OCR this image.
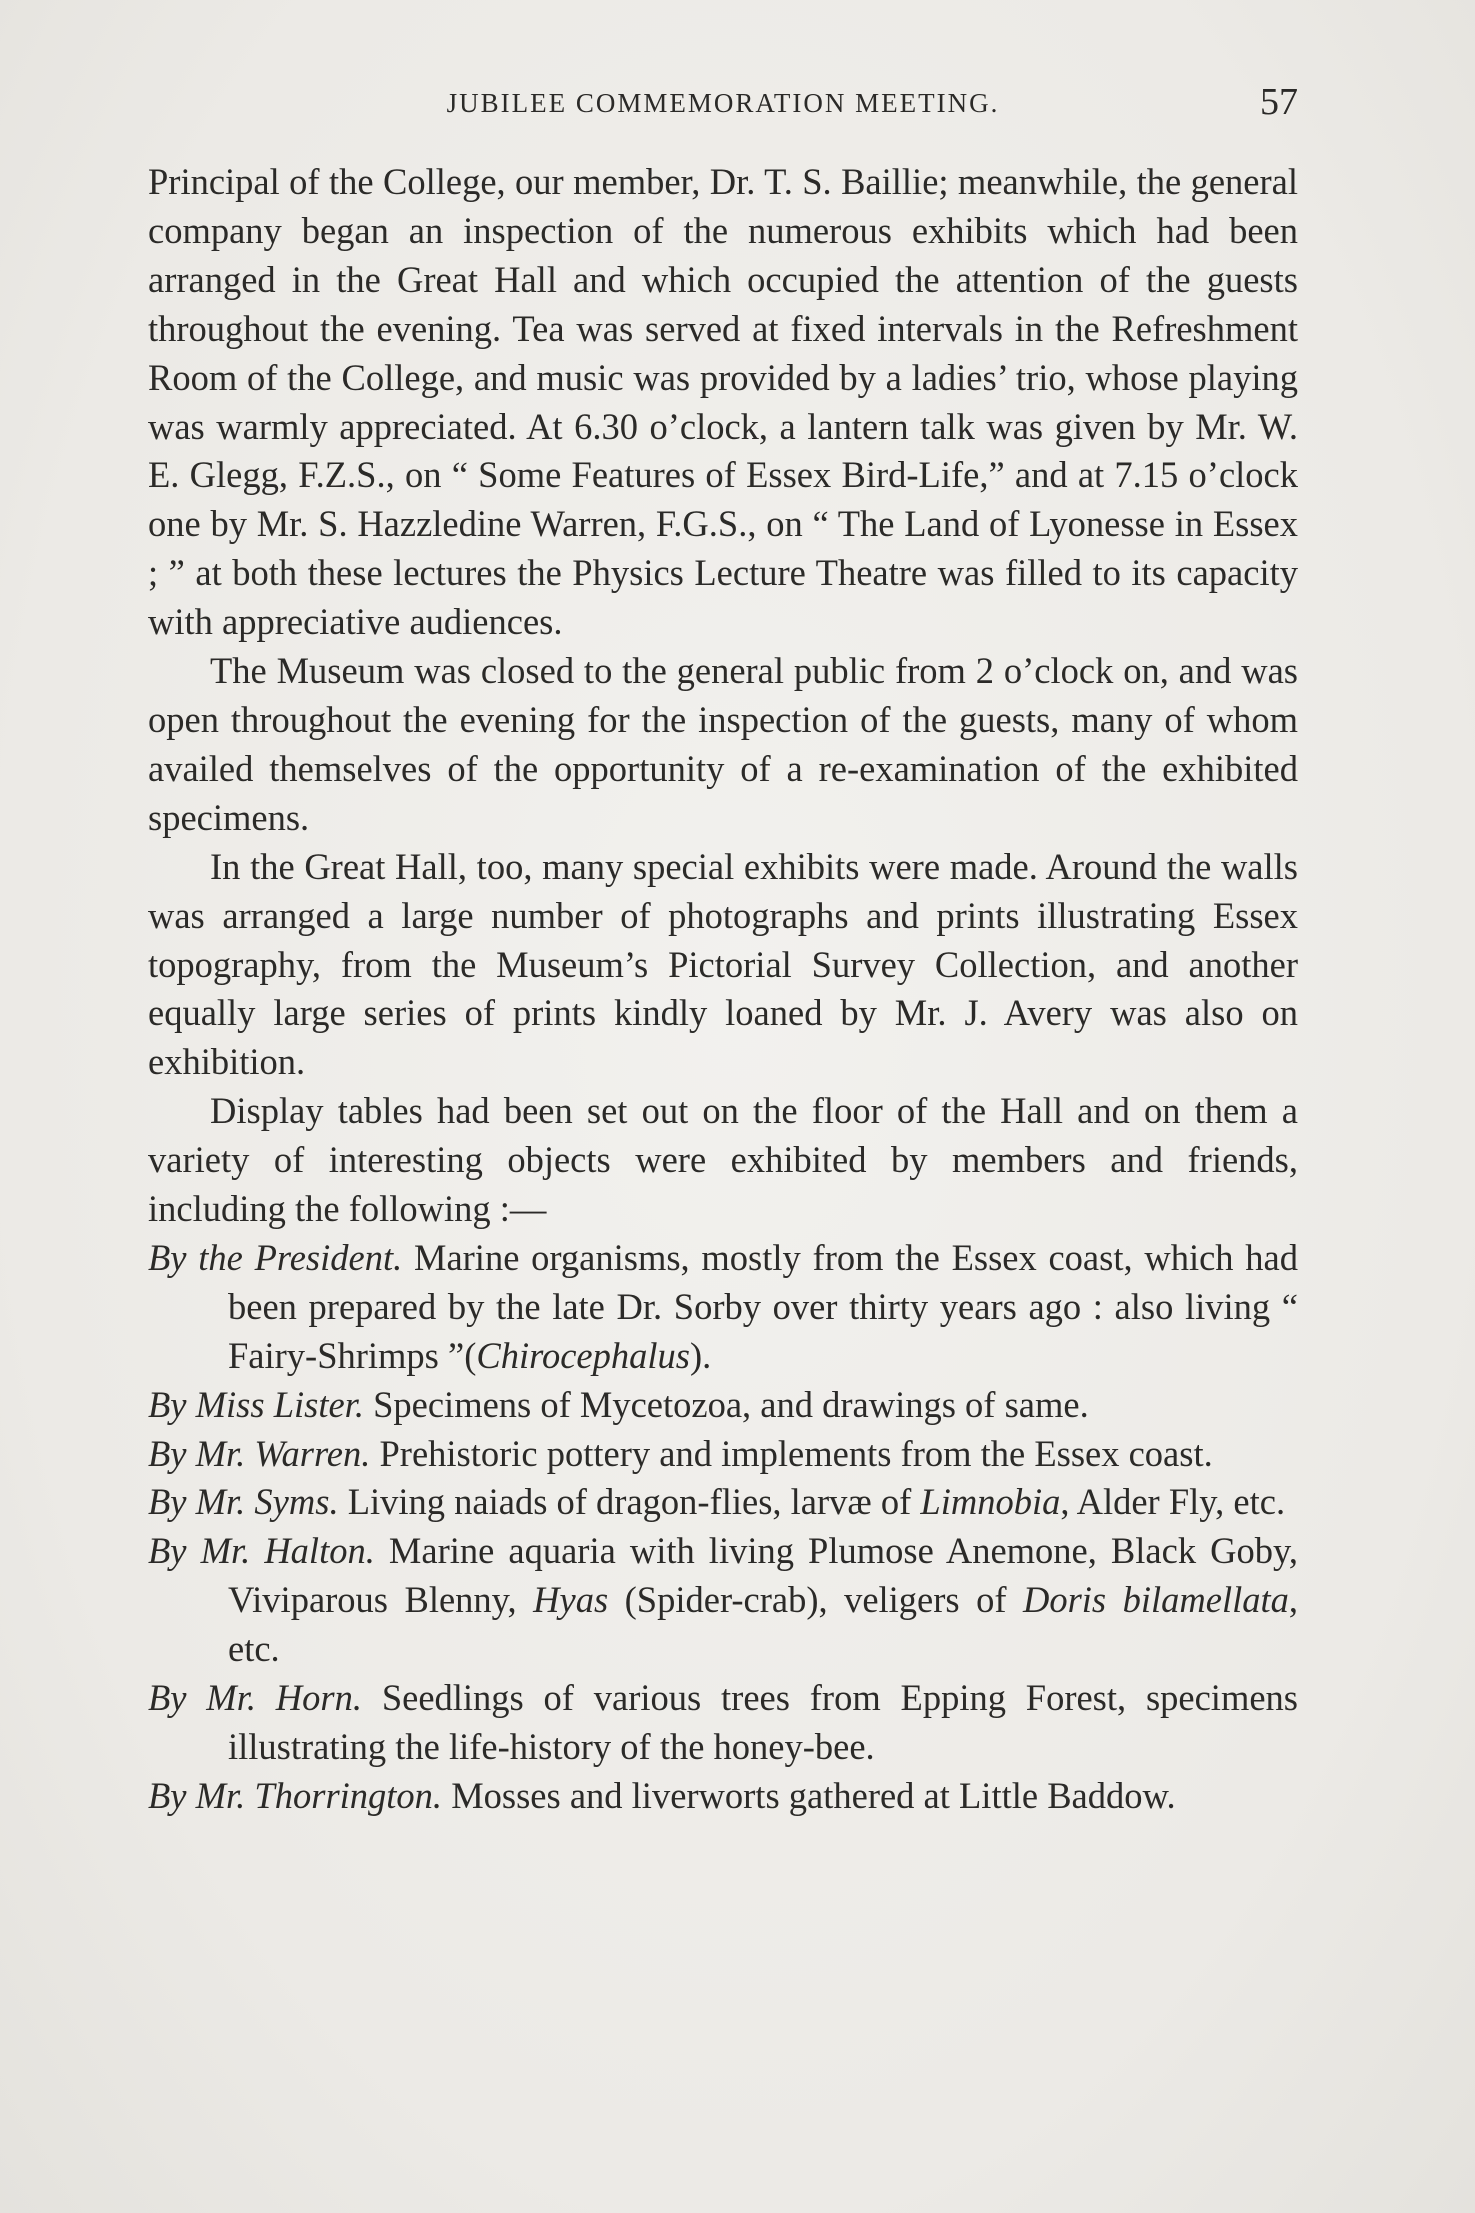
JUBILEE COMMEMORATION MEETING.	57

Principal of the College, our member, Dr. T. S. Baillie; meanwhile, the general company began an inspection of the numerous exhibits which had been arranged in the Great Hall and which occupied the attention of the guests throughout the evening. Tea was served at fixed intervals in the Refreshment Room of the College, and music was provided by a ladies’ trio, whose playing was warmly appreciated. At 6.30 o’clock, a lantern talk was given by Mr. W. E. Glegg, F.Z.S., on “ Some Features of Essex Bird-Life,” and at 7.15 o’clock one by Mr. S. Hazzledine Warren, F.G.S., on “ The Land of Lyonesse in Essex ; ” at both these lectures the Physics Lecture Theatre was filled to its capacity with appreciative audiences.

The Museum was closed to the general public from 2 o’clock on, and was open throughout the evening for the inspection of the guests, many of whom availed themselves of the opportunity of a re-examination of the exhibited specimens.

In the Great Hall, too, many special exhibits were made. Around the walls was arranged a large number of photographs and prints illustrating Essex topography, from the Museum’s Pictorial Survey Collection, and another equally large series of prints kindly loaned by Mr. J. Avery was also on exhibition.

Display tables had been set out on the floor of the Hall and on them a variety of interesting objects were exhibited by members and friends, including the following :—

By the President. Marine organisms, mostly from the Essex coast, which had been prepared by the late Dr. Sorby over thirty years ago : also living “ Fairy-Shrimps ”(Chirocephalus).

By Miss Lister. Specimens of Mycetozoa, and drawings of same.

By Mr. Warren. Prehistoric pottery and implements from the Essex coast.

By Mr. Syms. Living naiads of dragon-flies, larvæ of Limnobia, Alder Fly, etc.

By Mr. Halton. Marine aquaria with living Plumose Anemone, Black Goby, Viviparous Blenny, Hyas (Spider-crab), veligers of Doris bilamellata, etc.

By Mr. Horn. Seedlings of various trees from Epping Forest, specimens illustrating the life-history of the honey-bee.

By Mr. Thorrington. Mosses and liverworts gathered at Little Baddow.
